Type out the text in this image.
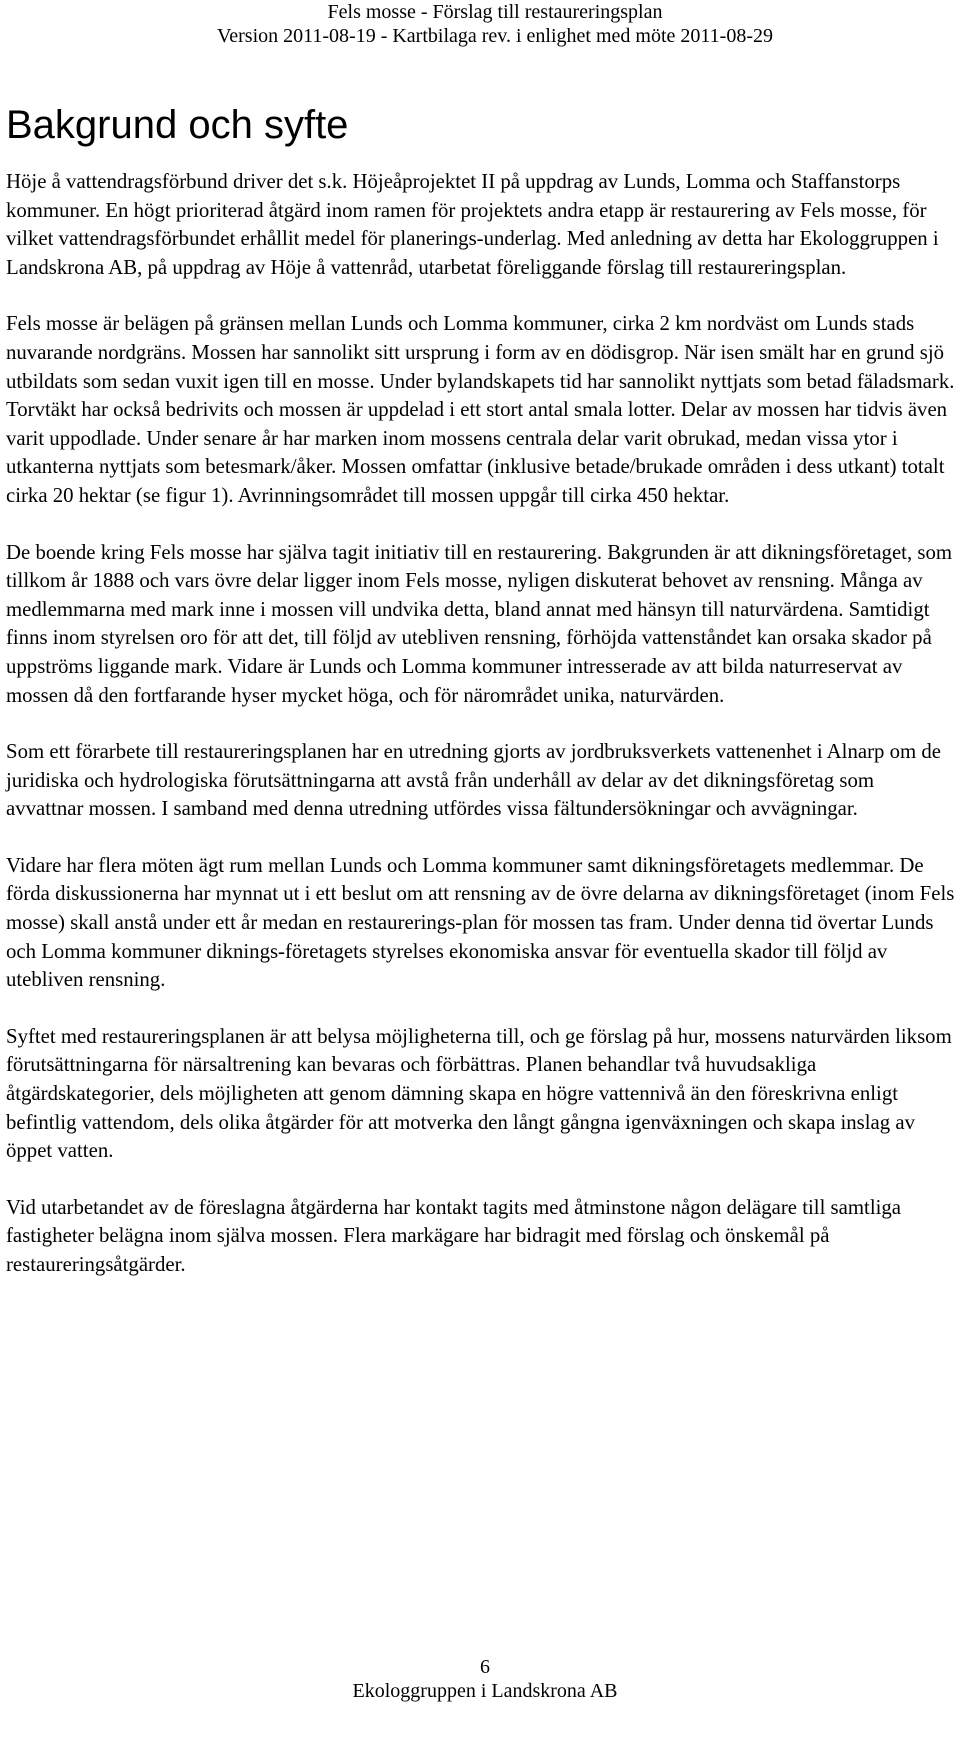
Fels mosse - Förslag till restaureringsplan
Version 2011-08-19 - Kartbilaga rev. i enlighet med möte 2011-08-29
Bakgrund och syfte

Höje å vattendragsförbund driver det s.k. Höjeåprojektet II på uppdrag av Lunds, Lomma och Staffanstorps kommuner. En högt prioriterad åtgärd inom ramen för projektets andra etapp är restaurering av Fels mosse, för vilket vattendragsförbundet erhållit medel för planerings-underlag. Med anledning av detta har Ekologgruppen i Landskrona AB, på uppdrag av Höje å vattenråd, utarbetat föreliggande förslag till restaureringsplan.

Fels mosse är belägen på gränsen mellan Lunds och Lomma kommuner, cirka 2 km nordväst om Lunds stads nuvarande nordgräns. Mossen har sannolikt sitt ursprung i form av en dödisgrop. När isen smält har en grund sjö utbildats som sedan vuxit igen till en mosse. Under bylandskapets tid har sannolikt nyttjats som betad fäladsmark. Torvtäkt har också bedrivits och mossen är uppdelad i ett stort antal smala lotter. Delar av mossen har tidvis även varit uppodlade. Under senare år har marken inom mossens centrala delar varit obrukad, medan vissa ytor i utkanterna nyttjats som betesmark/åker. Mossen omfattar (inklusive betade/brukade områden i dess utkant) totalt cirka 20 hektar (se figur 1). Avrinningsområdet till mossen uppgår till cirka 450 hektar.

De boende kring Fels mosse har själva tagit initiativ till en restaurering. Bakgrunden är att dikningsföretaget, som tillkom år 1888 och vars övre delar ligger inom Fels mosse, nyligen diskuterat behovet av rensning. Många av medlemmarna med mark inne i mossen vill undvika detta, bland annat med hänsyn till naturvärdena. Samtidigt finns inom styrelsen oro för att det, till följd av utebliven rensning, förhöjda vattenståndet kan orsaka skador på uppströms liggande mark. Vidare är Lunds och Lomma kommuner intresserade av att bilda naturreservat av mossen då den fortfarande hyser mycket höga, och för närområdet unika, naturvärden.

Som ett förarbete till restaureringsplanen har en utredning gjorts av jordbruksverkets vattenenhet i Alnarp om de juridiska och hydrologiska förutsättningarna att avstå från underhåll av delar av det dikningsföretag som avvattnar mossen. I samband med denna utredning utfördes vissa fältundersökningar och avvägningar.

Vidare har flera möten ägt rum mellan Lunds och Lomma kommuner samt dikningsföretagets medlemmar. De förda diskussionerna har mynnat ut i ett beslut om att rensning av de övre delarna av dikningsföretaget (inom Fels mosse) skall anstå under ett år medan en restaurerings-plan för mossen tas fram. Under denna tid övertar Lunds och Lomma kommuner diknings-företagets styrelses ekonomiska ansvar för eventuella skador till följd av utebliven rensning.

Syftet med restaureringsplanen är att belysa möjligheterna till, och ge förslag på hur, mossens naturvärden liksom förutsättningarna för närsaltrening kan bevaras och förbättras. Planen behandlar två huvudsakliga åtgärdskategorier, dels möjligheten att genom dämning skapa en högre vattennivå än den föreskrivna enligt befintlig vattendom, dels olika åtgärder för att motverka den långt gångna igenväxningen och skapa inslag av öppet vatten.

Vid utarbetandet av de föreslagna åtgärderna har kontakt tagits med åtminstone någon delägare till samtliga fastigheter belägna inom själva mossen. Flera markägare har bidragit med förslag och önskemål på restaureringsåtgärder.

6
Ekologgruppen i Landskrona AB
